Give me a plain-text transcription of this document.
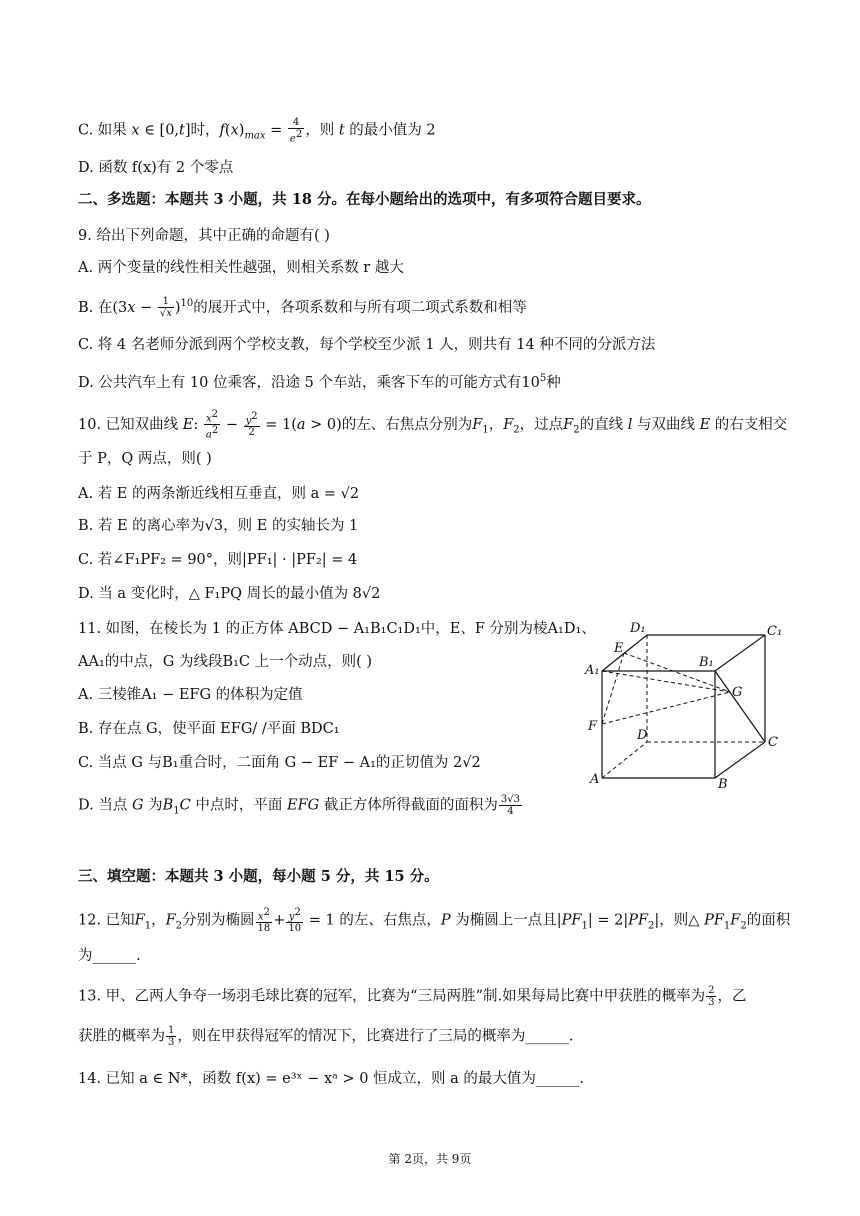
C. 如果 x ∈ [0,t]时，$f(x)_{max} = \frac{4}{e^2}$ ，则 t 的最小值为 2
D. 函数 f(x)有 2 个零点
二、多选题：本题共 3 小题，共 18 分。在每小题给出的选项中，有多项符合题目要求。
9. 给出下列命题，其中正确的命题有( )
A. 两个变量的线性相关性越强，则相关系数 r 越大
B. 在$(3x - \frac{1}{√x} )^{10}$的展开式中，各项系数和与所有项二项式系数和相等
C. 将 4 名老师分派到两个学校支教，每个学校至少派 1 人，则共有 14 种不同的分派方法
D. 公共汽车上有 10 位乘客，沿途 5 个车站，乘客下车的可能方式有$10^5$种
10. 已知双曲线 E: $\frac{x^2}{a^2} - \frac{y^2}{2} = 1(a > 0)$的左、右焦点分别为$F_1$，$F_2$，过点$F_2$的直线 l 与双曲线 E 的右支相交
于 P，Q 两点，则( )
A. 若 E 的两条渐近线相互垂直，则 a = √2
B. 若 E 的离心率为√3，则 E 的实轴长为 1
C. 若∠F₁PF₂ = 90°，则|PF₁| · |PF₂| = 4
D. 当 a 变化时，△ F₁PQ 周长的最小值为 8√2
11. 如图，在棱长为 1 的正方体 ABCD − A₁B₁C₁D₁中，E、F 分别为棱A₁D₁、
AA₁的中点，G 为线段B₁C 上一个动点，则( )
A. 三棱锥A₁ − EFG 的体积为定值
B. 存在点 G，使平面 EFG/ /平面 BDC₁
C. 当点 G 与B₁重合时，二面角 G − EF − A₁的正切值为 2√2
D. 当点 G 为$B_1C$ 中点时，平面 EFG 截正方体所得截面的面积为 $\frac{3√3}{4}$
三、填空题：本题共 3 小题，每小题 5 分，共 15 分。
12. 已知$F_1$，$F_2$分别为椭圆 $\frac{x^2}{18} + \frac{y^2}{10} = 1$ 的左、右焦点，P 为椭圆上一点且$|PF_1| = 2|PF_2|$，则△ $PF_1F_2$的面积
为______.
13. 甲、乙两人争夺一场羽毛球比赛的冠军，比赛为“三局两胜”制.如果每局比赛中甲获胜的概率为 $\frac{2}{3}$ ，乙
获胜的概率为 $\frac{1}{3}$ ，则在甲获得冠军的情况下，比赛进行了三局的概率为______.
14. 已知 a ∈ N*，函数 f(x) = e³ˣ − xᵃ > 0 恒成立，则 a 的最大值为______.
D₁	C₁
A₁
E
B₁
G
F
D	C
A	B
第 2页，共 9页
